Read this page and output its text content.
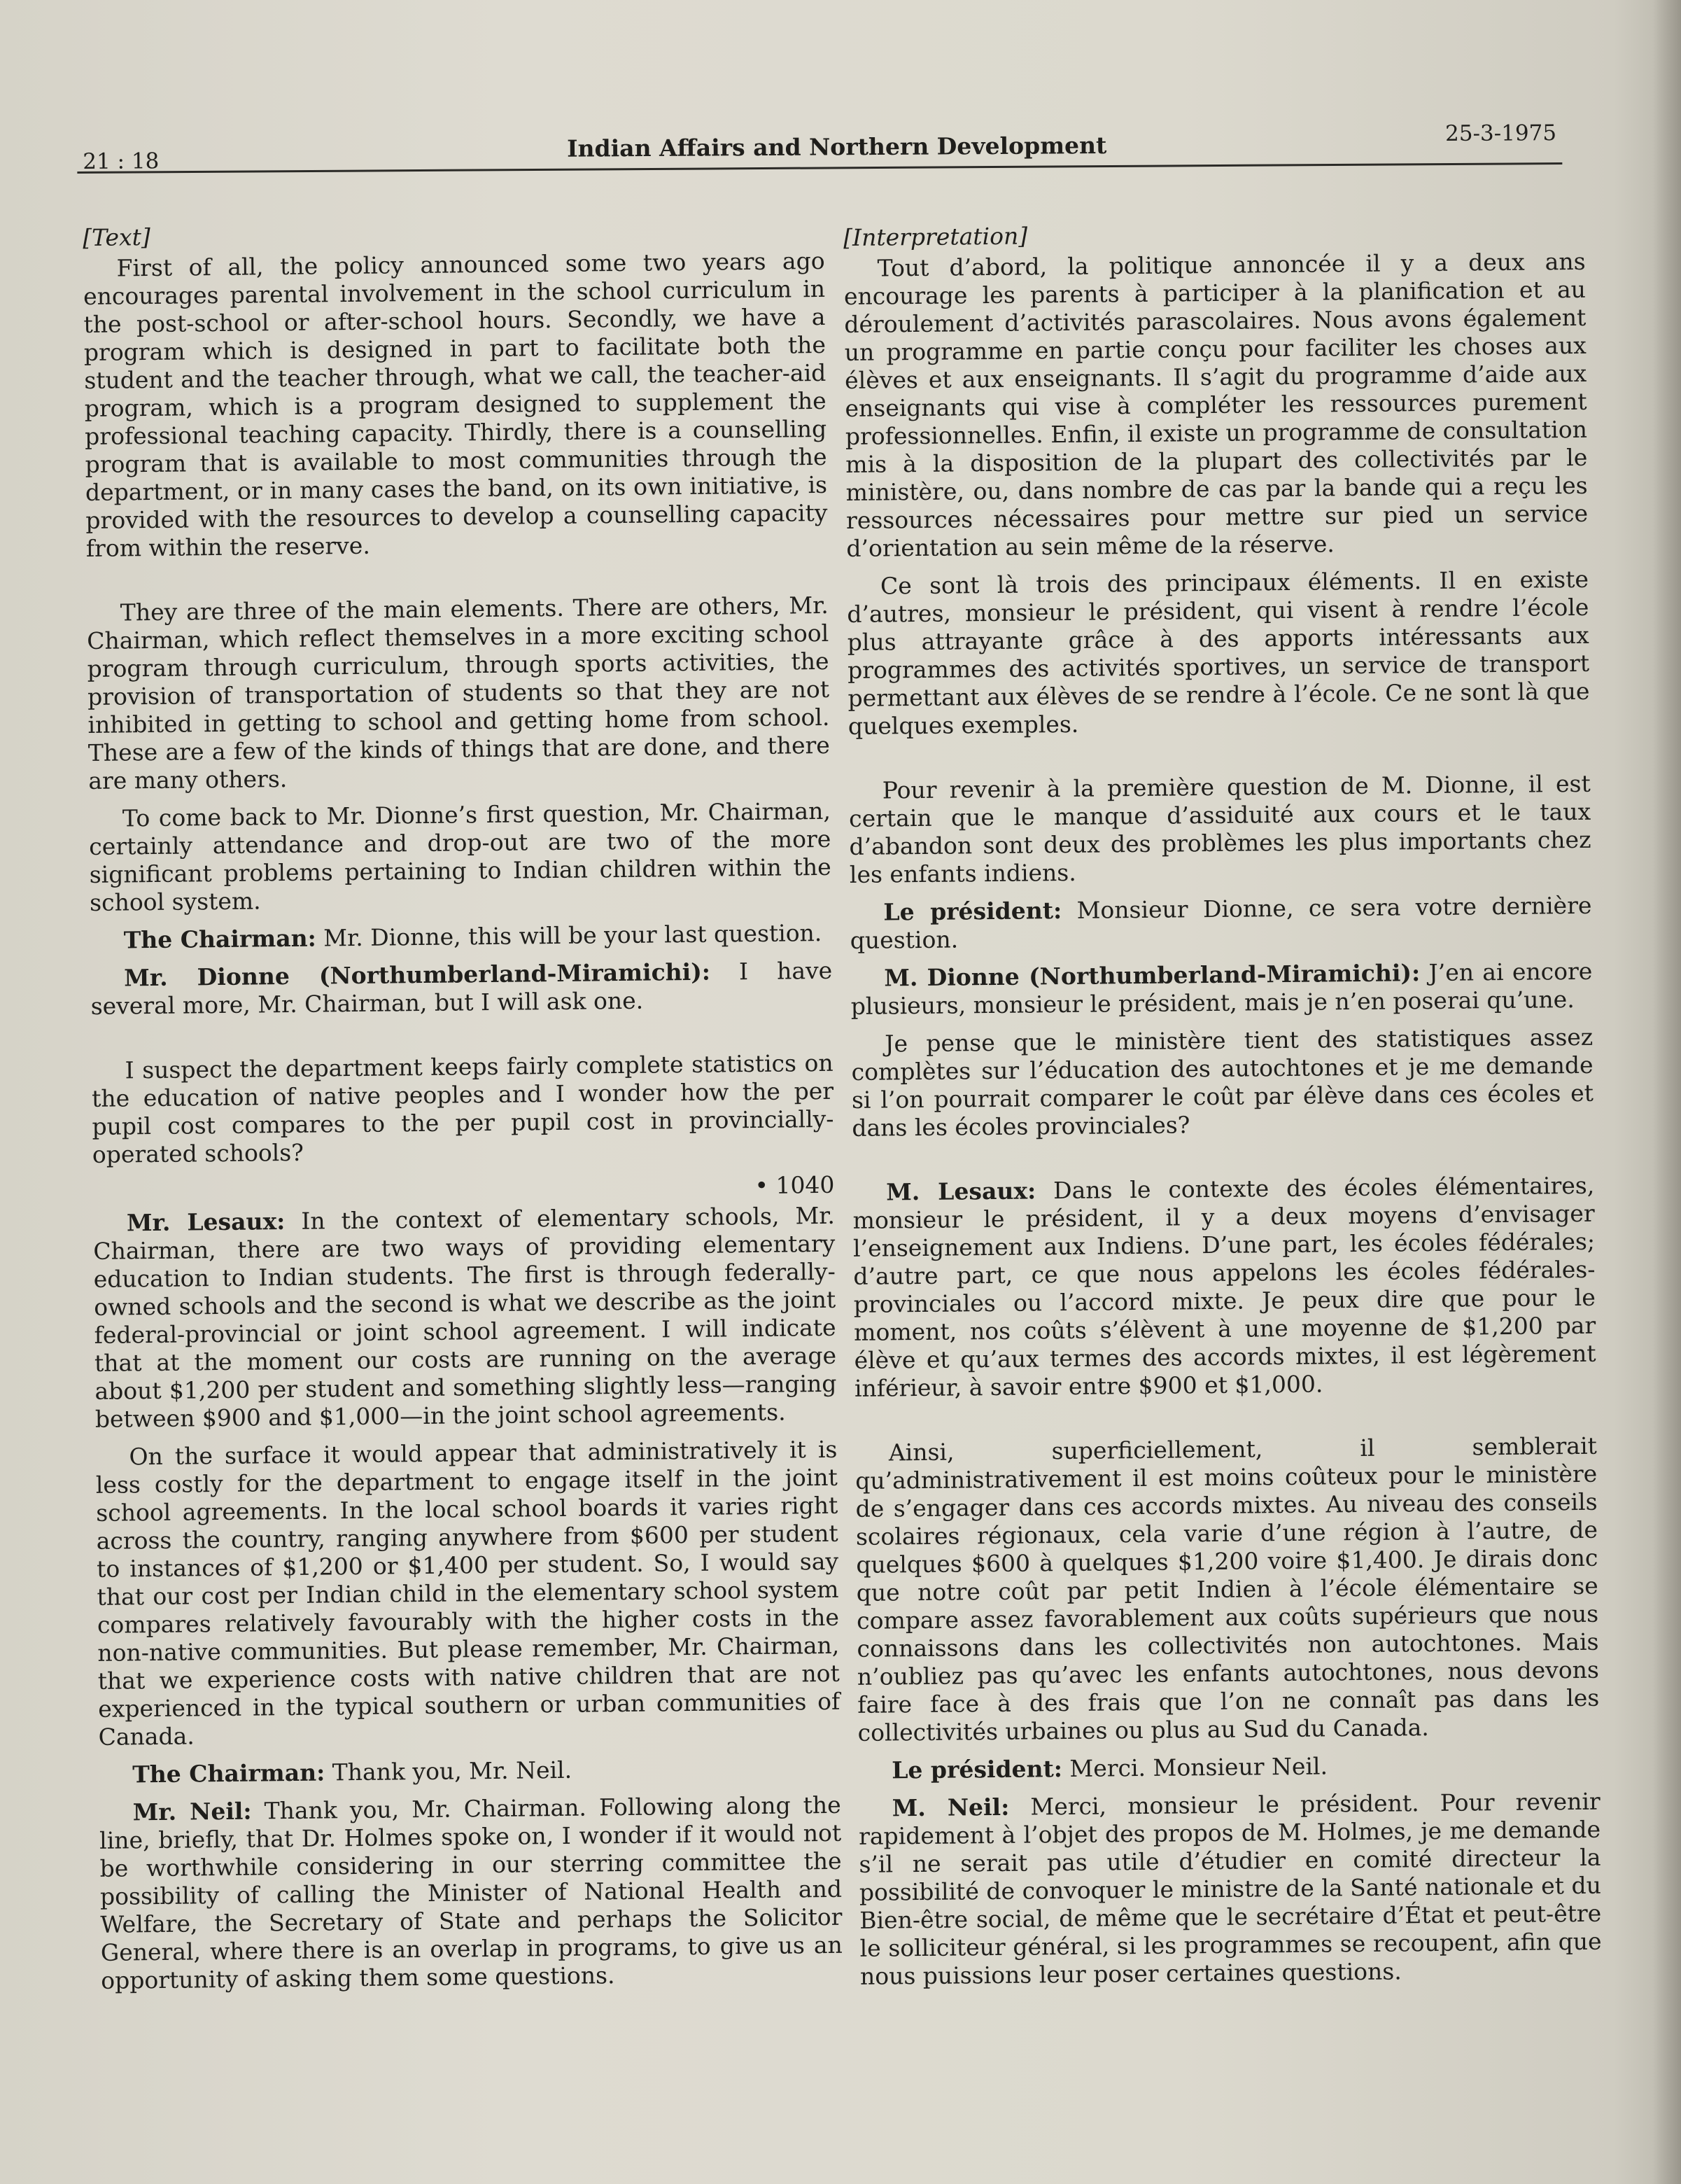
21 : 18	Indian Affairs and Northern Development	25-3-1975

[Text]

First of all, the policy announced some two years ago encourages parental involvement in the school curriculum in the post-school or after-school hours. Secondly, we have a program which is designed in part to facilitate both the student and the teacher through, what we call, the teacher-aid program, which is a program designed to supplement the professional teaching capacity. Thirdly, there is a counselling program that is available to most communities through the department, or in many cases the band, on its own initiative, is provided with the resources to develop a counselling capacity from within the reserve.

They are three of the main elements. There are others, Mr. Chairman, which reflect themselves in a more exciting school program through curriculum, through sports activities, the provision of transportation of students so that they are not inhibited in getting to school and getting home from school. These are a few of the kinds of things that are done, and there are many others.

To come back to Mr. Dionne’s first question, Mr. Chairman, certainly attendance and drop-out are two of the more significant problems pertaining to Indian children within the school system.

The Chairman: Mr. Dionne, this will be your last question.

Mr. Dionne (Northumberland-Miramichi): I have several more, Mr. Chairman, but I will ask one.

I suspect the department keeps fairly complete statistics on the education of native peoples and I wonder how the per pupil cost compares to the per pupil cost in provincially-operated schools?

• 1040

Mr. Lesaux: In the context of elementary schools, Mr. Chairman, there are two ways of providing elementary education to Indian students. The first is through federally-owned schools and the second is what we describe as the joint federal-provincial or joint school agreement. I will indicate that at the moment our costs are running on the average about $1,200 per student and something slightly less—ranging between $900 and $1,000—in the joint school agreements.

On the surface it would appear that administratively it is less costly for the department to engage itself in the joint school agreements. In the local school boards it varies right across the country, ranging anywhere from $600 per student to instances of $1,200 or $1,400 per student. So, I would say that our cost per Indian child in the elementary school system compares relatively favourably with the higher costs in the non-native communities. But please remember, Mr. Chairman, that we experience costs with native children that are not experienced in the typical southern or urban communities of Canada.

The Chairman: Thank you, Mr. Neil.

Mr. Neil: Thank you, Mr. Chairman. Following along the line, briefly, that Dr. Holmes spoke on, I wonder if it would not be worthwhile considering in our sterring committee the possibility of calling the Minister of National Health and Welfare, the Secretary of State and perhaps the Solicitor General, where there is an overlap in programs, to give us an opportunity of asking them some questions.

[Interpretation]

Tout d’abord, la politique annoncée il y a deux ans encourage les parents à participer à la planification et au déroulement d’activités parascolaires. Nous avons également un programme en partie conçu pour faciliter les choses aux élèves et aux enseignants. Il s’agit du programme d’aide aux enseignants qui vise à compléter les ressources purement professionnelles. Enfin, il existe un programme de consultation mis à la disposition de la plupart des collectivités par le ministère, ou, dans nombre de cas par la bande qui a reçu les ressources nécessaires pour mettre sur pied un service d’orientation au sein même de la réserve.

Ce sont là trois des principaux éléments. Il en existe d’autres, monsieur le président, qui visent à rendre l’école plus attrayante grâce à des apports intéressants aux programmes des activités sportives, un service de transport permettant aux élèves de se rendre à l’école. Ce ne sont là que quelques exemples.

Pour revenir à la première question de M. Dionne, il est certain que le manque d’assiduité aux cours et le taux d’abandon sont deux des problèmes les plus importants chez les enfants indiens.

Le président: Monsieur Dionne, ce sera votre dernière question.

M. Dionne (Northumberland-Miramichi): J’en ai encore plusieurs, monsieur le président, mais je n’en poserai qu’une.

Je pense que le ministère tient des statistiques assez complètes sur l’éducation des autochtones et je me demande si l’on pourrait comparer le coût par élève dans ces écoles et dans les écoles provinciales?

M. Lesaux: Dans le contexte des écoles élémentaires, monsieur le président, il y a deux moyens d’envisager l’enseignement aux Indiens. D’une part, les écoles fédérales; d’autre part, ce que nous appelons les écoles fédérales-provinciales ou l’accord mixte. Je peux dire que pour le moment, nos coûts s’élèvent à une moyenne de $1,200 par élève et qu’aux termes des accords mixtes, il est légèrement inférieur, à savoir entre $900 et $1,000.

Ainsi, superficiellement, il semblerait qu’administrativement il est moins coûteux pour le ministère de s’engager dans ces accords mixtes. Au niveau des conseils scolaires régionaux, cela varie d’une région à l’autre, de quelques $600 à quelques $1,200 voire $1,400. Je dirais donc que notre coût par petit Indien à l’école élémentaire se compare assez favorablement aux coûts supérieurs que nous connaissons dans les collectivités non autochtones. Mais n’oubliez pas qu’avec les enfants autochtones, nous devons faire face à des frais que l’on ne connaît pas dans les collectivités urbaines ou plus au Sud du Canada.

Le président: Merci. Monsieur Neil.

M. Neil: Merci, monsieur le président. Pour revenir rapidement à l’objet des propos de M. Holmes, je me demande s’il ne serait pas utile d’étudier en comité directeur la possibilité de convoquer le ministre de la Santé nationale et du Bien-être social, de même que le secrétaire d’État et peut-être le solliciteur général, si les programmes se recoupent, afin que nous puissions leur poser certaines questions.
